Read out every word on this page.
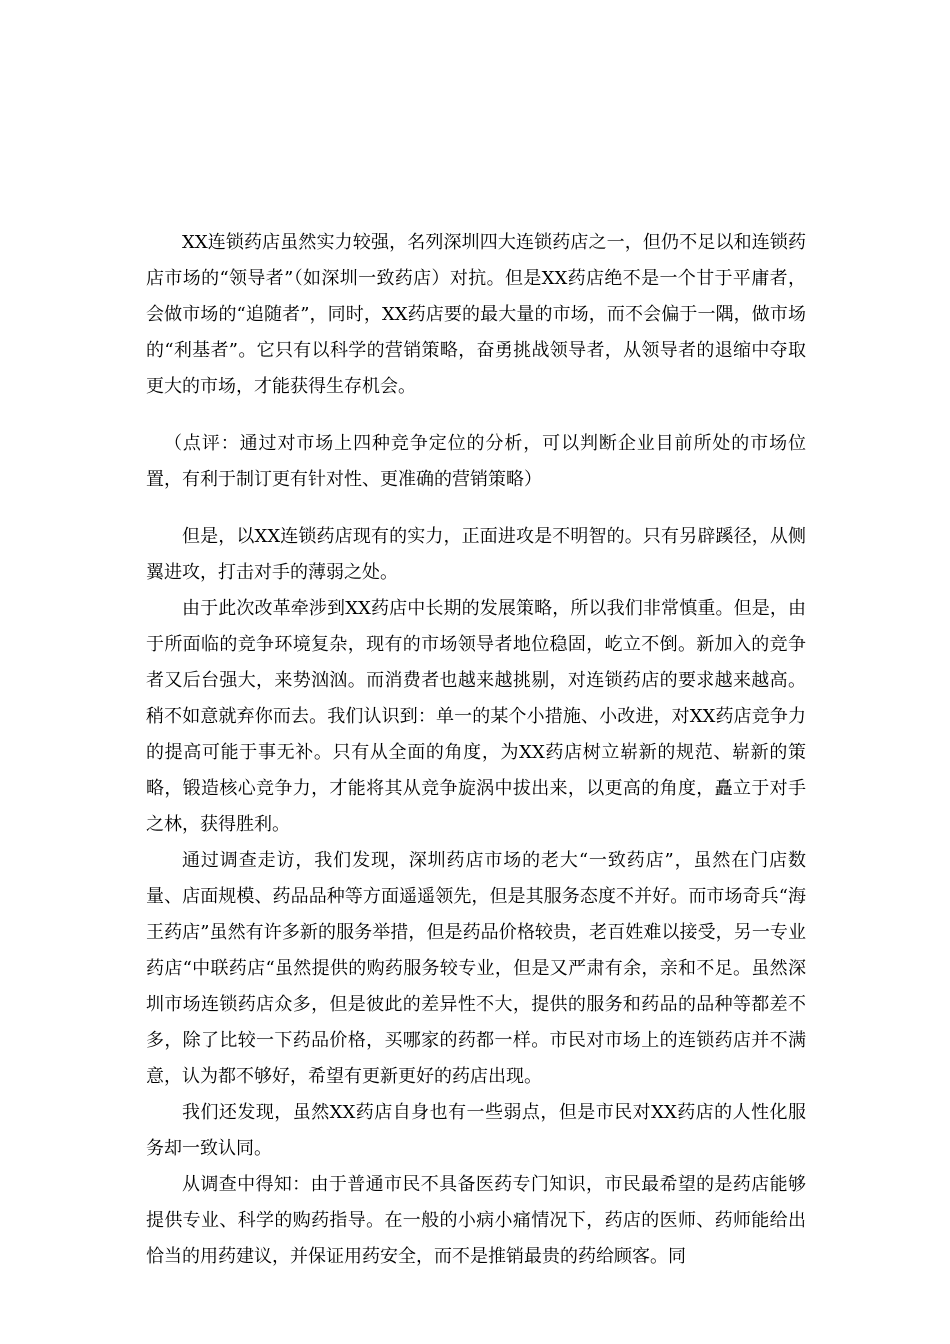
XX连锁药店虽然实力较强，名列深圳四大连锁药店之一，但仍不足以和连锁药店市场的“领导者”（如深圳一致药店）对抗。但是XX药店绝不是一个甘于平庸者，会做市场的“追随者”，同时，XX药店要的最大量的市场，而不会偏于一隅，做市场的“利基者”。它只有以科学的营销策略，奋勇挑战领导者，从领导者的退缩中夺取更大的市场，才能获得生存机会。

（点评：通过对市场上四种竞争定位的分析，可以判断企业目前所处的市场位置，有利于制订更有针对性、更准确的营销策略）

但是，以XX连锁药店现有的实力，正面进攻是不明智的。只有另辟蹊径，从侧翼进攻，打击对手的薄弱之处。

由于此次改革牵涉到XX药店中长期的发展策略，所以我们非常慎重。但是，由于所面临的竞争环境复杂，现有的市场领导者地位稳固，屹立不倒。新加入的竞争者又后台强大，来势汹汹。而消费者也越来越挑剔，对连锁药店的要求越来越高。稍不如意就弃你而去。我们认识到：单一的某个小措施、小改进，对XX药店竞争力的提高可能于事无补。只有从全面的角度，为XX药店树立崭新的规范、崭新的策略，锻造核心竞争力，才能将其从竞争旋涡中拔出来，以更高的角度，矗立于对手之林，获得胜利。

通过调查走访，我们发现，深圳药店市场的老大“一致药店”，虽然在门店数量、店面规模、药品品种等方面遥遥领先，但是其服务态度不并好。而市场奇兵“海王药店”虽然有许多新的服务举措，但是药品价格较贵，老百姓难以接受，另一专业药店“中联药店“虽然提供的购药服务较专业，但是又严肃有余，亲和不足。虽然深圳市场连锁药店众多，但是彼此的差异性不大，提供的服务和药品的品种等都差不多，除了比较一下药品价格，买哪家的药都一样。市民对市场上的连锁药店并不满意，认为都不够好，希望有更新更好的药店出现。

我们还发现，虽然XX药店自身也有一些弱点，但是市民对XX药店的人性化服务却一致认同。

从调查中得知：由于普通市民不具备医药专门知识，市民最希望的是药店能够提供专业、科学的购药指导。在一般的小病小痛情况下，药店的医师、药师能给出恰当的用药建议，并保证用药安全，而不是推销最贵的药给顾客。同
